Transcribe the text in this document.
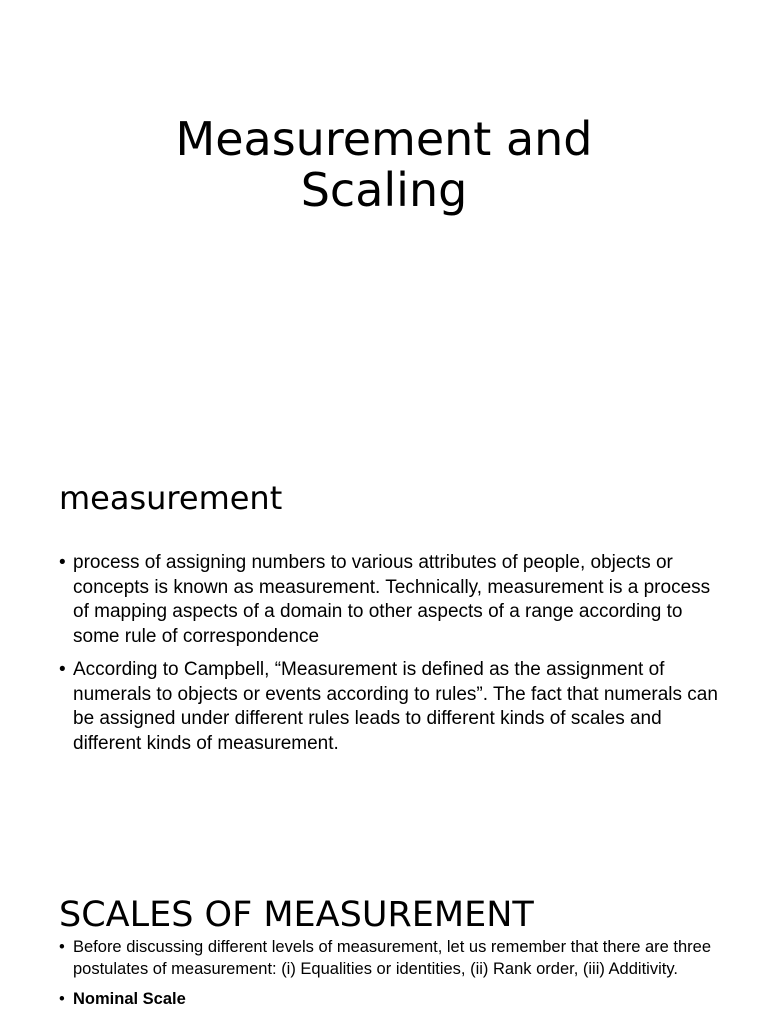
Measurement and
Scaling
measurement
• process of assigning numbers to various attributes of people, objects or concepts is known as measurement. Technically, measurement is a process of mapping aspects of a domain to other aspects of a range according to some rule of correspondence
• According to Campbell, “Measurement is defined as the assignment of numerals to objects or events according to rules”. The fact that numerals can be assigned under different rules leads to different kinds of scales and different kinds of measurement.
SCALES OF MEASUREMENT
• Before discussing different levels of measurement, let us remember that there are three postulates of measurement: (i) Equalities or identities, (ii) Rank order, (iii) Additivity.
• Nominal Scale
